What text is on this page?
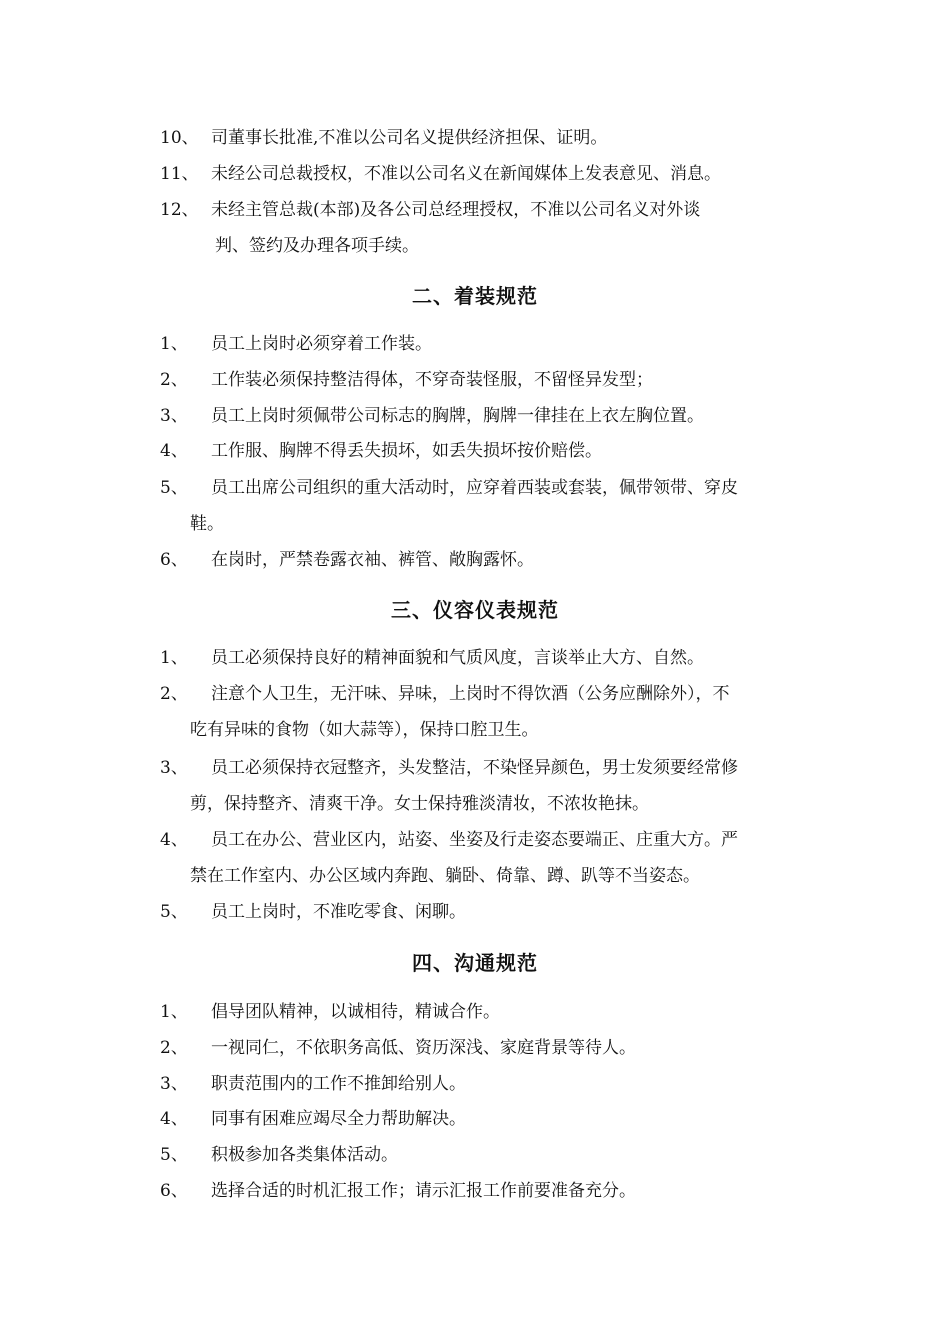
10、 司董事长批准,不准以公司名义提供经济担保、证明。
11、 未经公司总裁授权，不准以公司名义在新闻媒体上发表意见、消息。
12、 未经主管总裁(本部)及各公司总经理授权，不准以公司名义对外谈
判、签约及办理各项手续。
二、着装规范
1、 员工上岗时必须穿着工作装。
2、 工作装必须保持整洁得体，不穿奇装怪服，不留怪异发型；
3、 员工上岗时须佩带公司标志的胸牌，胸牌一律挂在上衣左胸位置。
4、 工作服、胸牌不得丢失损坏，如丢失损坏按价赔偿。
5、 员工出席公司组织的重大活动时，应穿着西装或套装，佩带领带、穿皮
鞋。
6、 在岗时，严禁卷露衣袖、裤管、敞胸露怀。
三、仪容仪表规范
1、 员工必须保持良好的精神面貌和气质风度，言谈举止大方、自然。
2、 注意个人卫生，无汗味、异味，上岗时不得饮酒（公务应酬除外），不
吃有异味的食物（如大蒜等），保持口腔卫生。
3、 员工必须保持衣冠整齐，头发整洁，不染怪异颜色，男士发须要经常修
剪，保持整齐、清爽干净。女士保持雅淡清妆，不浓妆艳抹。
4、 员工在办公、营业区内，站姿、坐姿及行走姿态要端正、庄重大方。严
禁在工作室内、办公区域内奔跑、躺卧、倚靠、蹲、趴等不当姿态。
5、 员工上岗时，不准吃零食、闲聊。
四、沟通规范
1、 倡导团队精神，以诚相待，精诚合作。
2、 一视同仁，不依职务高低、资历深浅、家庭背景等待人。
3、 职责范围内的工作不推卸给别人。
4、 同事有困难应竭尽全力帮助解决。
5、 积极参加各类集体活动。
6、 选择合适的时机汇报工作；请示汇报工作前要准备充分。
